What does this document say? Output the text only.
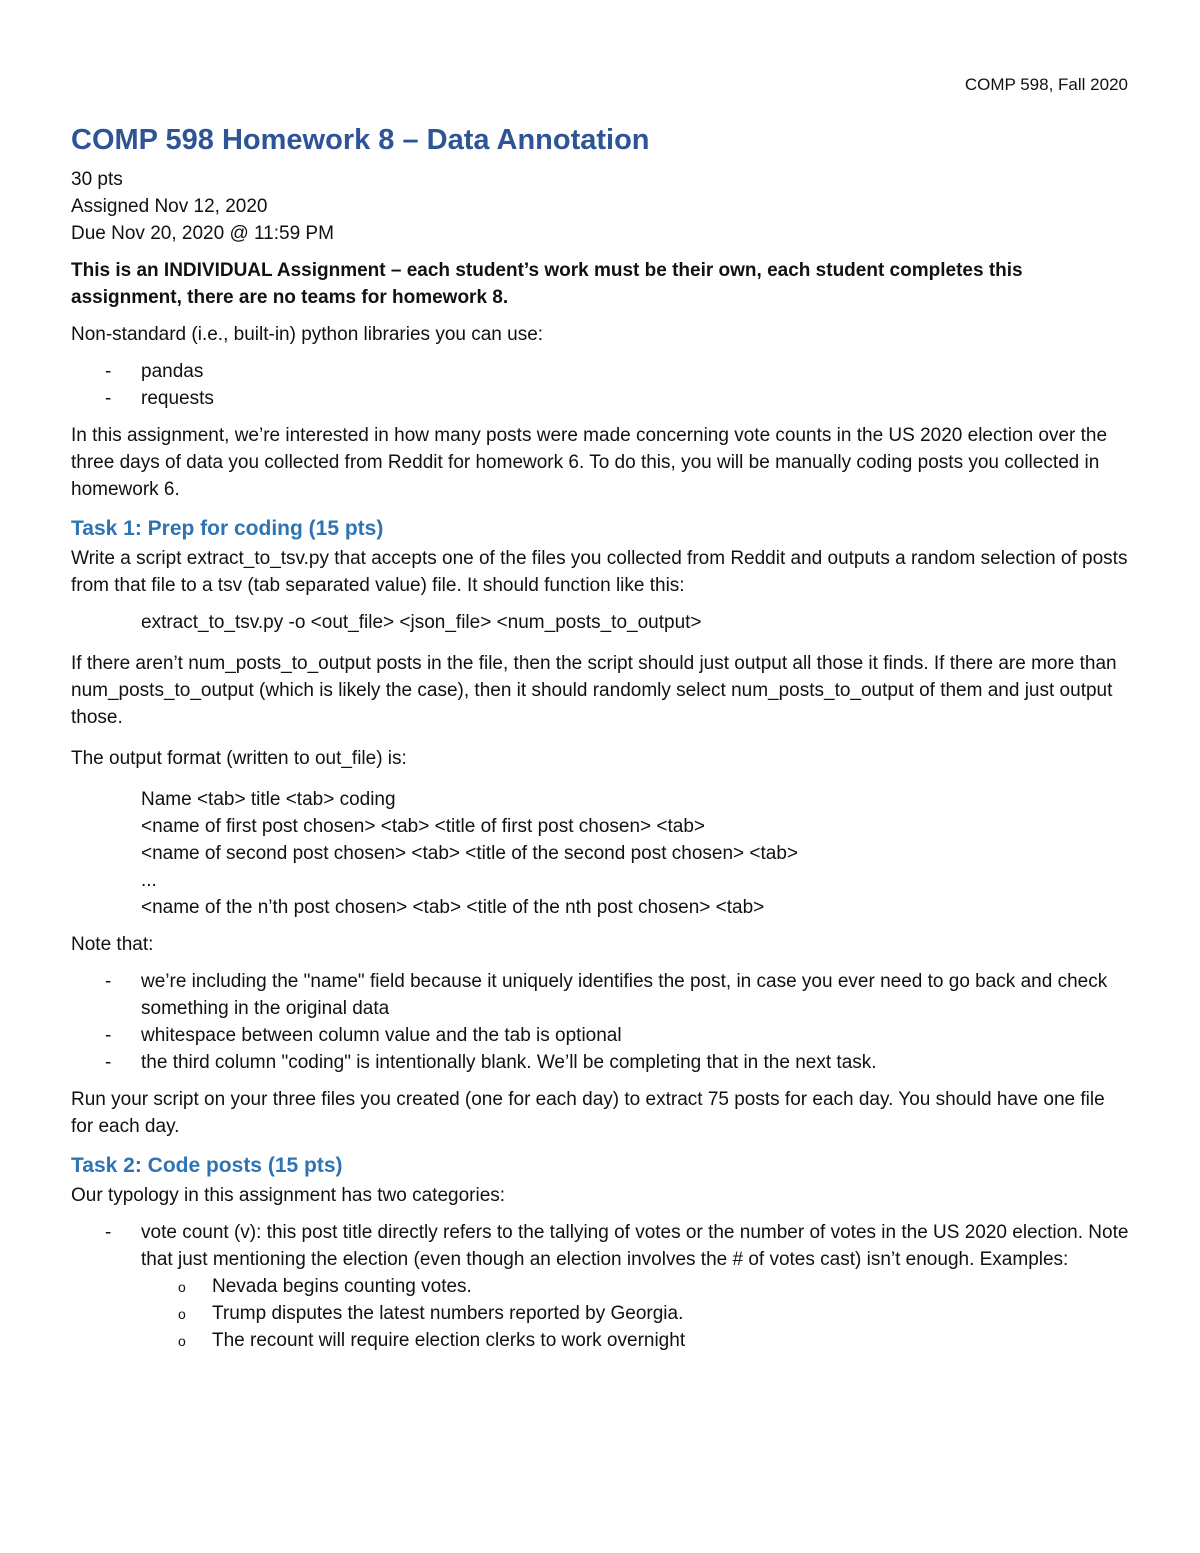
COMP 598, Fall 2020
COMP 598 Homework 8 – Data Annotation

30 pts

Assigned Nov 12, 2020

Due Nov 20, 2020 @ 11:59 PM

This is an INDIVIDUAL Assignment – each student’s work must be their own, each student completes this assignment, there are no teams for homework 8.

Non-standard (i.e., built-in) python libraries you can use:

- pandas
- requests

In this assignment, we’re interested in how many posts were made concerning vote counts in the US 2020 election over the three days of data you collected from Reddit for homework 6. To do this, you will be manually coding posts you collected in homework 6.

Task 1: Prep for coding (15 pts)

Write a script extract_to_tsv.py that accepts one of the files you collected from Reddit and outputs a random selection of posts from that file to a tsv (tab separated value) file. It should function like this:

extract_to_tsv.py -o <out_file> <json_file> <num_posts_to_output>

If there aren’t num_posts_to_output posts in the file, then the script should just output all those it finds. If there are more than num_posts_to_output (which is likely the case), then it should randomly select num_posts_to_output of them and just output those.

The output format (written to out_file) is:

Name <tab> title <tab> coding

<name of first post chosen> <tab> <title of first post chosen> <tab>

<name of second post chosen> <tab> <title of the second post chosen> <tab>

...

<name of the n’th post chosen> <tab> <title of the nth post chosen> <tab>

Note that:

- we’re including the "name" field because it uniquely identifies the post, in case you ever need to go back and check something in the original data
- whitespace between column value and the tab is optional
- the third column "coding" is intentionally blank. We’ll be completing that in the next task.

Run your script on your three files you created (one for each day) to extract 75 posts for each day. You should have one file for each day.

Task 2: Code posts (15 pts)

Our typology in this assignment has two categories:

- vote count (v): this post title directly refers to the tallying of votes or the number of votes in the US 2020 election. Note that just mentioning the election (even though an election involves the # of votes cast) isn’t enough. Examples:
o Nevada begins counting votes.
o Trump disputes the latest numbers reported by Georgia.
o The recount will require election clerks to work overnight
